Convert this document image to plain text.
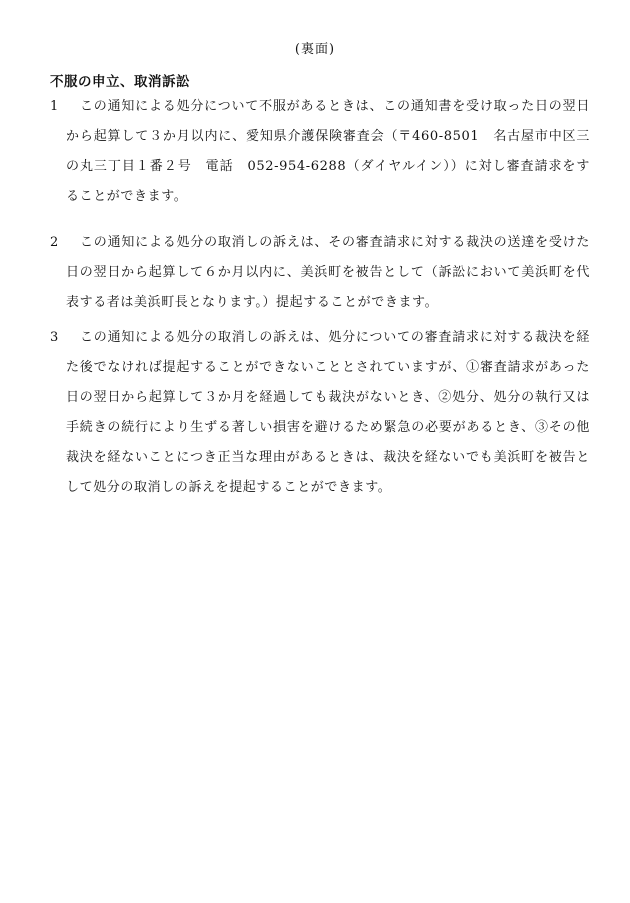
(裏面)
不服の申立、取消訴訟
1	この通知による処分について不服があるときは、この通知書を受け取った日の翌日から起算して３か月以内に、愛知県介護保険審査会（〒460-8501　名古屋市中区三の丸三丁目１番２号　電話　052-954-6288（ダイヤルイン））に対し審査請求をすることができます。
2	この通知による処分の取消しの訴えは、その審査請求に対する裁決の送達を受けた日の翌日から起算して６か月以内に、美浜町を被告として（訴訟において美浜町を代表する者は美浜町長となります。）提起することができます。
3	この通知による処分の取消しの訴えは、処分についての審査請求に対する裁決を経た後でなければ提起することができないこととされていますが、①審査請求があった日の翌日から起算して３か月を経過しても裁決がないとき、②処分、処分の執行又は手続きの続行により生ずる著しい損害を避けるため緊急の必要があるとき、③その他裁決を経ないことにつき正当な理由があるときは、裁決を経ないでも美浜町を被告として処分の取消しの訴えを提起することができます。
